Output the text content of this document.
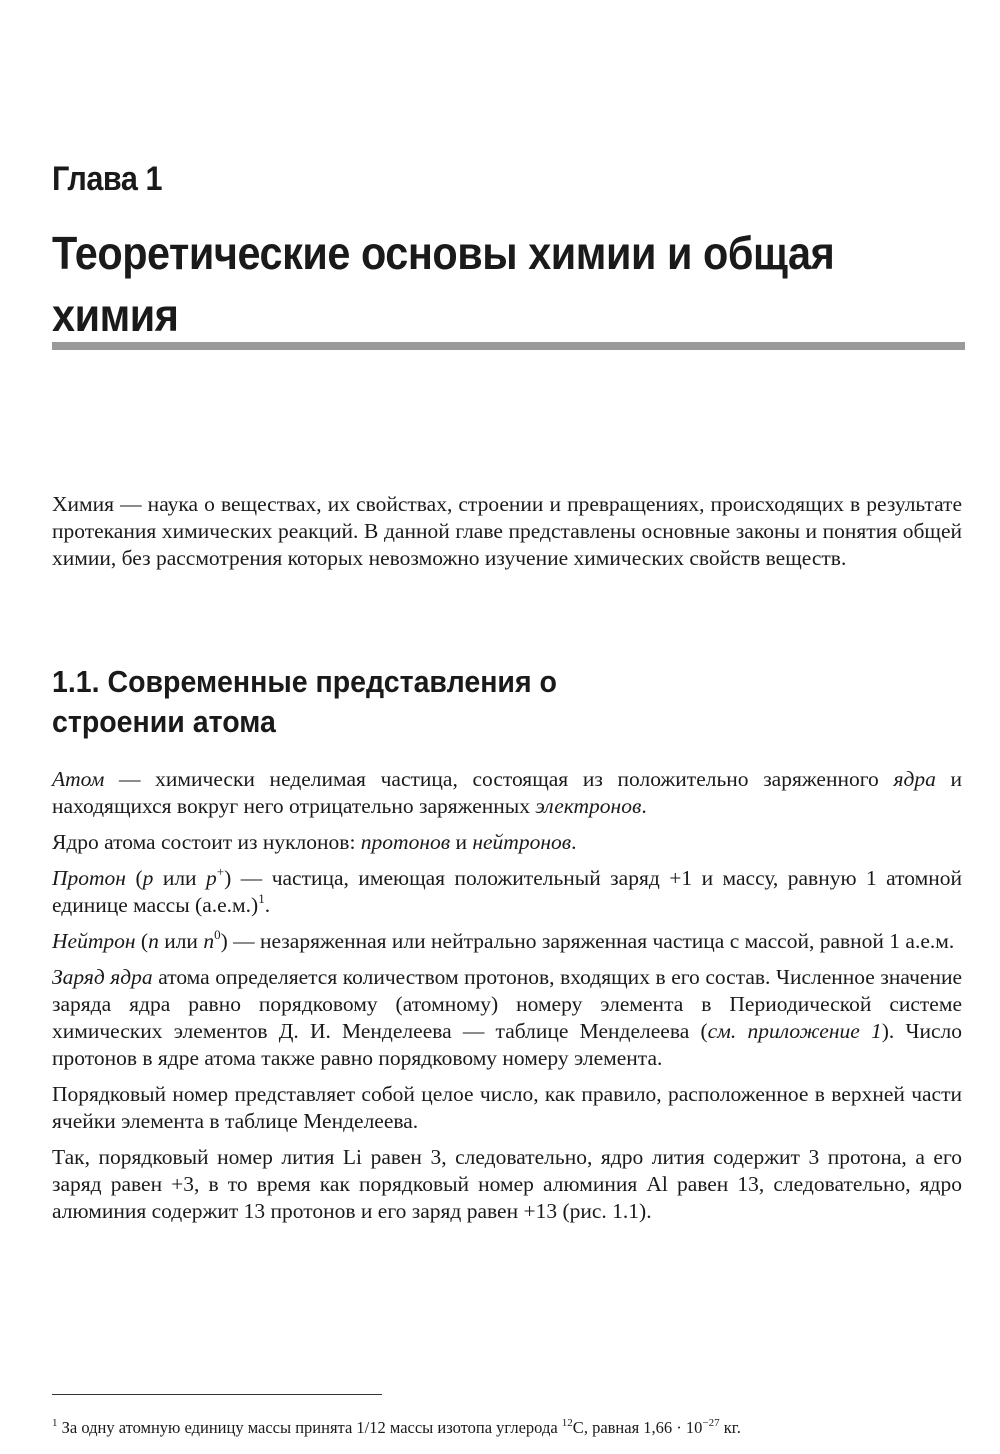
Глава 1
Теоретические основы химии и общая химия

Химия — наука о веществах, их свойствах, строении и превращениях, происходящих в результате протекания химических реакций. В данной главе представлены основные законы и понятия общей химии, без рассмотрения которых невозможно изучение химических свойств веществ.

1.1. Современные представления о строении атома

Атом — химически неделимая частица, состоящая из положительно заряженного ядра и находящихся вокруг него отрицательно заряженных электронов.

Ядро атома состоит из нуклонов: протонов и нейтронов.

Протон (p или p+) — частица, имеющая положительный заряд +1 и массу, равную 1 атомной единице массы $(а.е.м.)^1$.

Нейтрон (n или $n^0$) — незаряженная или нейтрально заряженная частица с массой, равной 1 а.е.м.

Заряд ядра атома определяется количеством протонов, входящих в его состав. Численное значение заряда ядра равно порядковому (атомному) номеру элемента в Периодической системе химических элементов Д. И. Менделеева — таблице Менделеева (см. приложение 1). Число протонов в ядре атома также равно порядковому номеру элемента.

Порядковый номер представляет собой целое число, как правило, расположенное в верхней части ячейки элемента в таблице Менделеева.

Так, порядковый номер лития Li равен 3, следовательно, ядро лития содержит 3 протона, а его заряд равен +3, в то время как порядковый номер алюминия Al равен 13, следовательно, ядро алюминия содержит 13 протонов и его заряд равен +13 (рис. 1.1).

$^1$ За одну атомную единицу массы принята 1/12 массы изотопа углерода $^{12}$C, равная $1,66 \cdot 10^{-27}$ кг.
